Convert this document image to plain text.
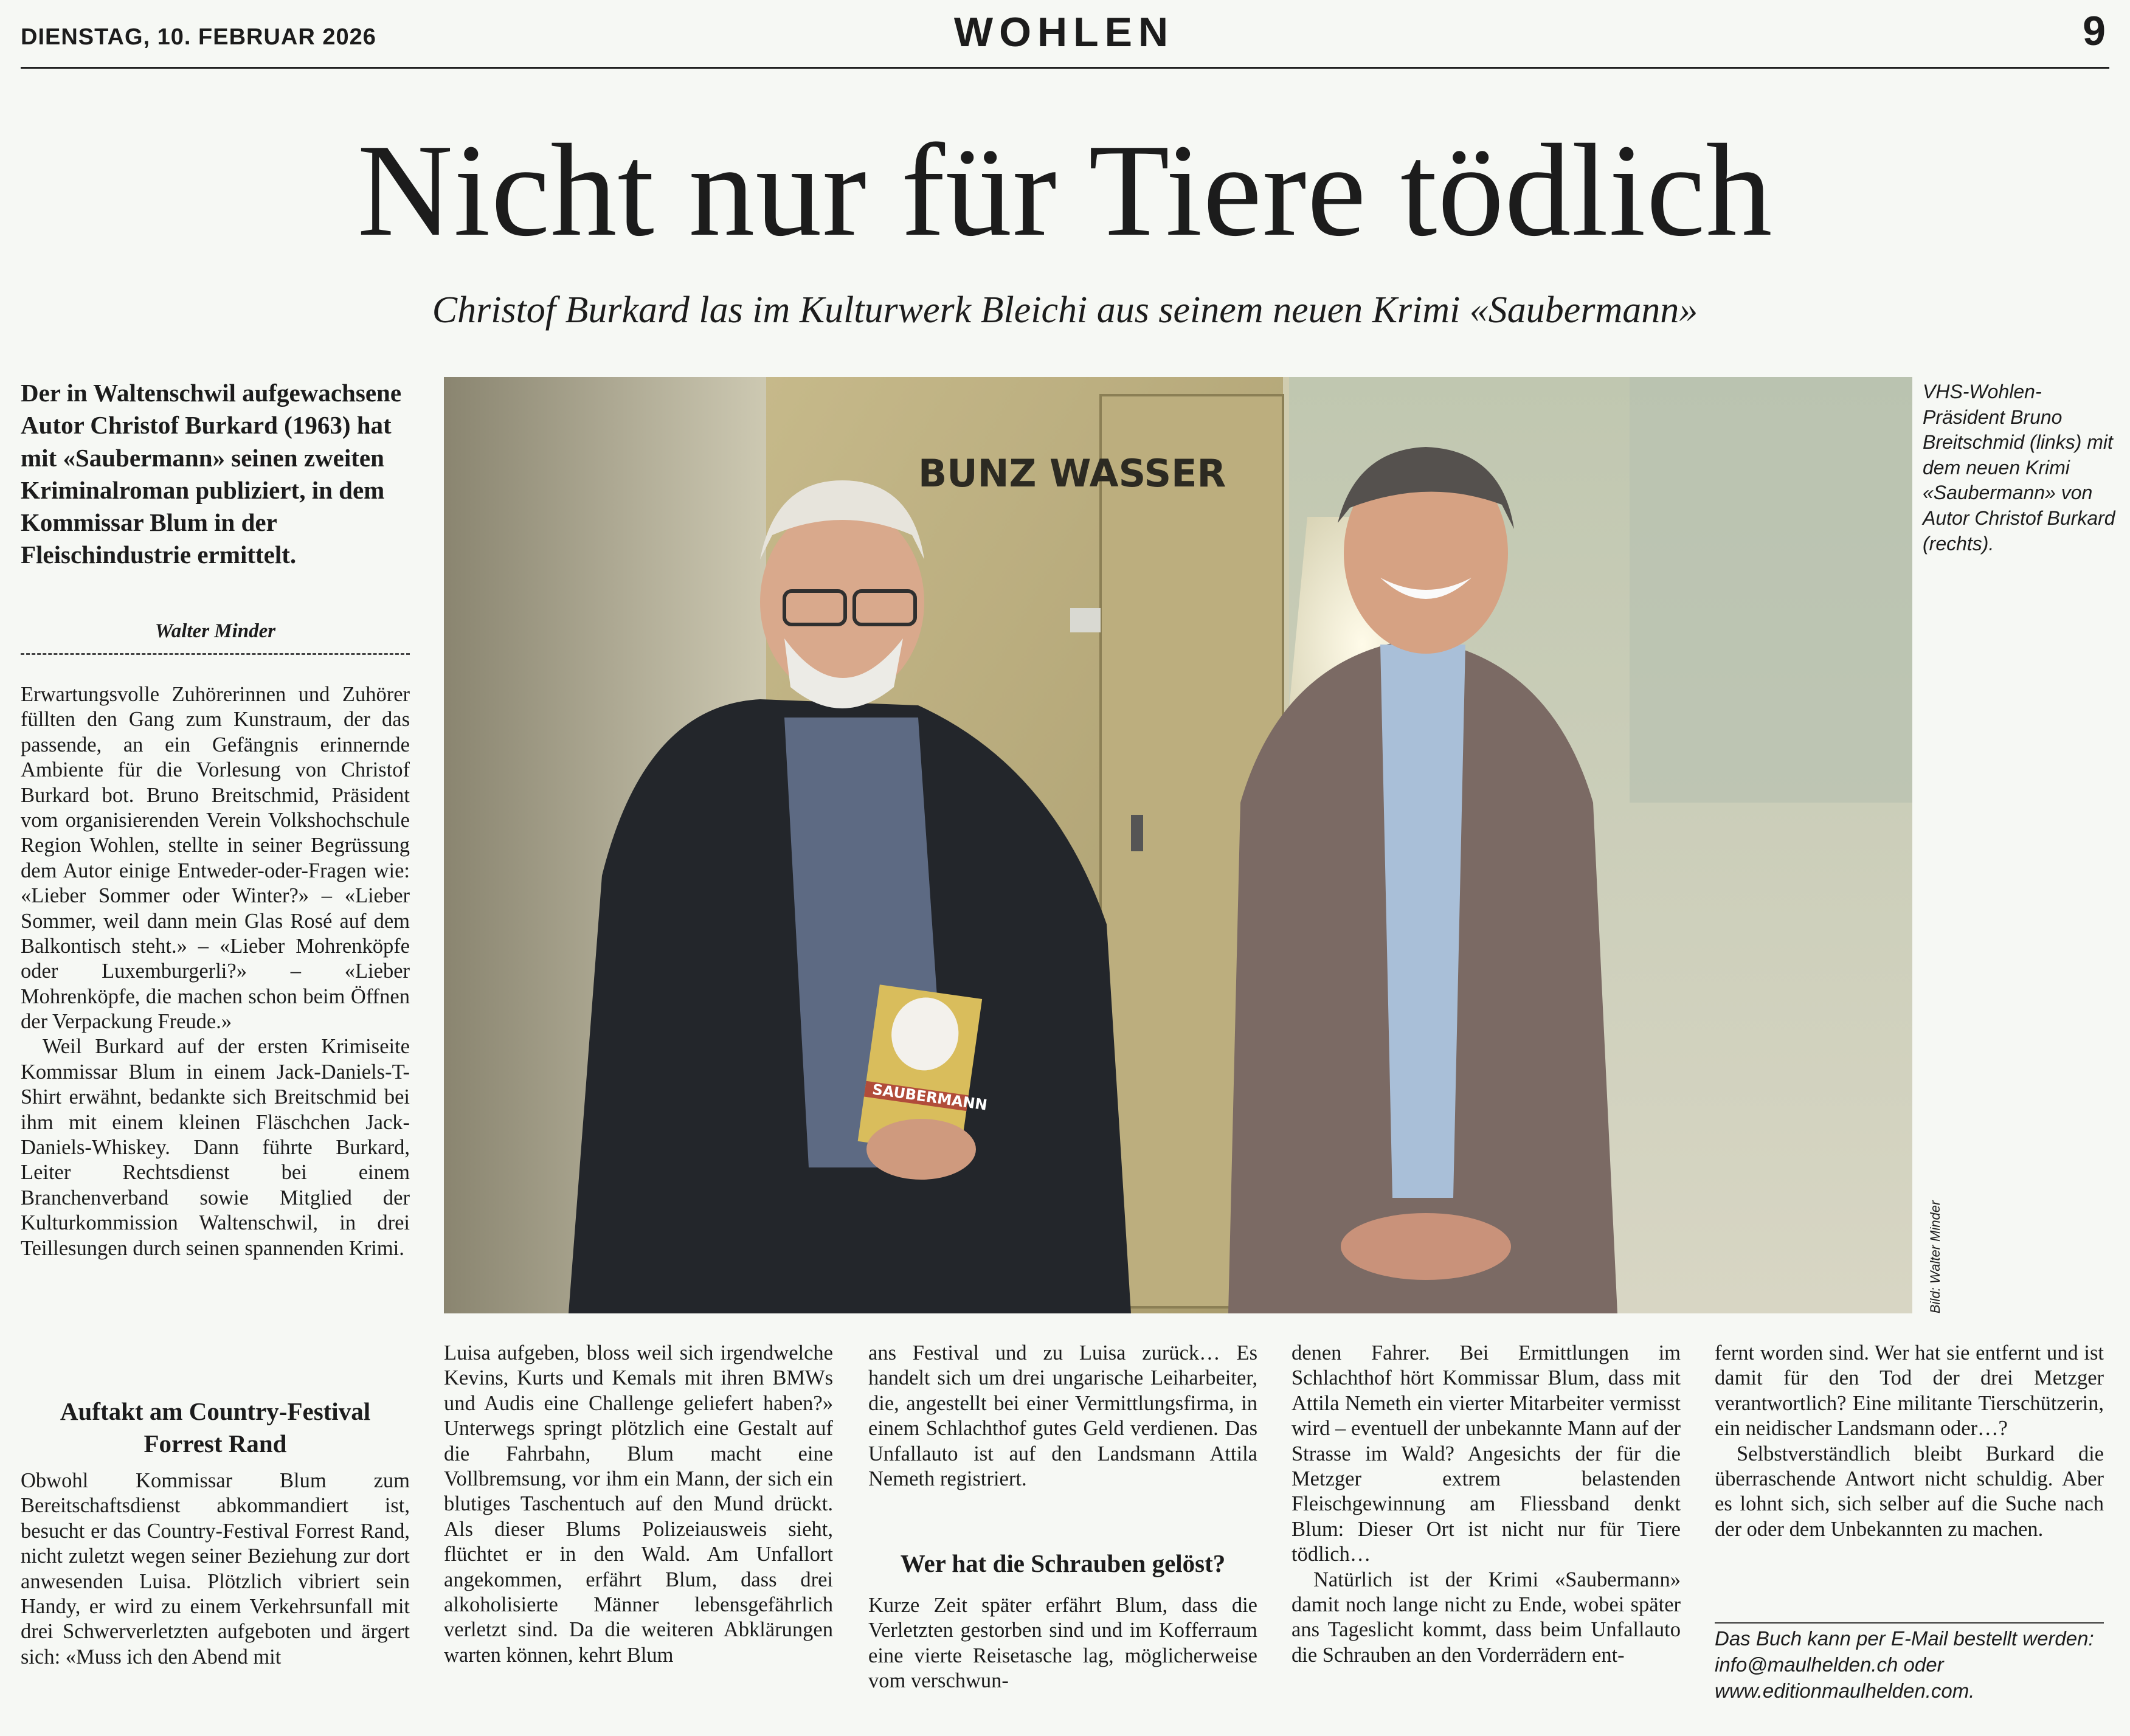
DIENSTAG, 10. FEBRUAR 2026	WOHLEN	9
Nicht nur für Tiere tödlich
Christof Burkard las im Kulturwerk Bleichi aus seinem neuen Krimi «Saubermann»
Der in Waltenschwil aufgewachsene Autor Christof Burkard (1963) hat mit «Saubermann» seinen zweiten Kriminalroman publiziert, in dem Kommissar Blum in der Fleischindustrie ermittelt.
Walter Minder

Erwartungsvolle Zuhörerinnen und Zuhörer füllten den Gang zum Kunstraum, der das passende, an ein Gefängnis erinnernde Ambiente für die Vorlesung von Christof Burkard bot. Bruno Breitschmid, Präsident vom organisierenden Verein Volkshochschule Region Wohlen, stellte in seiner Begrüssung dem Autor einige Entweder-oder-Fragen wie: «Lieber Sommer oder Winter?» – «Lieber Sommer, weil dann mein Glas Rosé auf dem Balkontisch steht.» – «Lieber Mohrenköpfe oder Luxemburgerli?» – «Lieber Mohrenköpfe, die machen schon beim Öffnen der Verpackung Freude.»

Weil Burkard auf der ersten Krimiseite Kommissar Blum in einem Jack-Daniels-T-Shirt erwähnt, bedankte sich Breitschmid bei ihm mit einem kleinen Fläschchen Jack-Daniels-Whiskey. Dann führte Burkard, Leiter Rechtsdienst bei einem Branchenverband sowie Mitglied der Kulturkommission Waltenschwil, in drei Teillesungen durch seinen spannenden Krimi.

Auftakt am Country-Festival Forrest Rand

Obwohl Kommissar Blum zum Bereitschaftsdienst abkommandiert ist, besucht er das Country-Festival Forrest Rand, nicht zuletzt wegen seiner Beziehung zur dort anwesenden Luisa. Plötzlich vibriert sein Handy, er wird zu einem Verkehrsunfall mit drei Schwerverletzten aufgeboten und ärgert sich: «Muss ich den Abend mit

BUNZ WASSER
SAUBERMANN
VHS-Wohlen-Präsident Bruno Breitschmid (links) mit dem neuen Krimi «Saubermann» von Autor Christof Burkard (rechts).
Bild: Walter Minder

Luisa aufgeben, bloss weil sich irgendwelche Kevins, Kurts und Kemals mit ihren BMWs und Audis eine Challenge geliefert haben?» Unterwegs springt plötzlich eine Gestalt auf die Fahrbahn, Blum macht eine Vollbremsung, vor ihm ein Mann, der sich ein blutiges Taschentuch auf den Mund drückt. Als dieser Blums Polizeiausweis sieht, flüchtet er in den Wald. Am Unfallort angekommen, erfährt Blum, dass drei alkoholisierte Männer lebensgefährlich verletzt sind. Da die weiteren Abklärungen warten können, kehrt Blum

ans Festival und zu Luisa zurück… Es handelt sich um drei ungarische Leiharbeiter, die, angestellt bei einer Vermittlungsfirma, in einem Schlachthof gutes Geld verdienen. Das Unfallauto ist auf den Landsmann Attila Nemeth registriert.

Wer hat die Schrauben gelöst?

Kurze Zeit später erfährt Blum, dass die Verletzten gestorben sind und im Kofferraum eine vierte Reisetasche lag, möglicherweise vom verschwun-

denen Fahrer. Bei Ermittlungen im Schlachthof hört Kommissar Blum, dass mit Attila Nemeth ein vierter Mitarbeiter vermisst wird – eventuell der unbekannte Mann auf der Strasse im Wald? Angesichts der für die Metzger extrem belastenden Fleischgewinnung am Fliessband denkt Blum: Dieser Ort ist nicht nur für Tiere tödlich…

Natürlich ist der Krimi «Saubermann» damit noch lange nicht zu Ende, wobei später ans Tageslicht kommt, dass beim Unfallauto die Schrauben an den Vorderrädern ent-

fernt worden sind. Wer hat sie entfernt und ist damit für den Tod der drei Metzger verantwortlich? Eine militante Tierschützerin, ein neidischer Landsmann oder…?

Selbstverständlich bleibt Burkard die überraschende Antwort nicht schuldig. Aber es lohnt sich, sich selber auf die Suche nach der oder dem Unbekannten zu machen.

Das Buch kann per E-Mail bestellt werden: info@maulhelden.ch oder www.editionmaulhelden.com.
